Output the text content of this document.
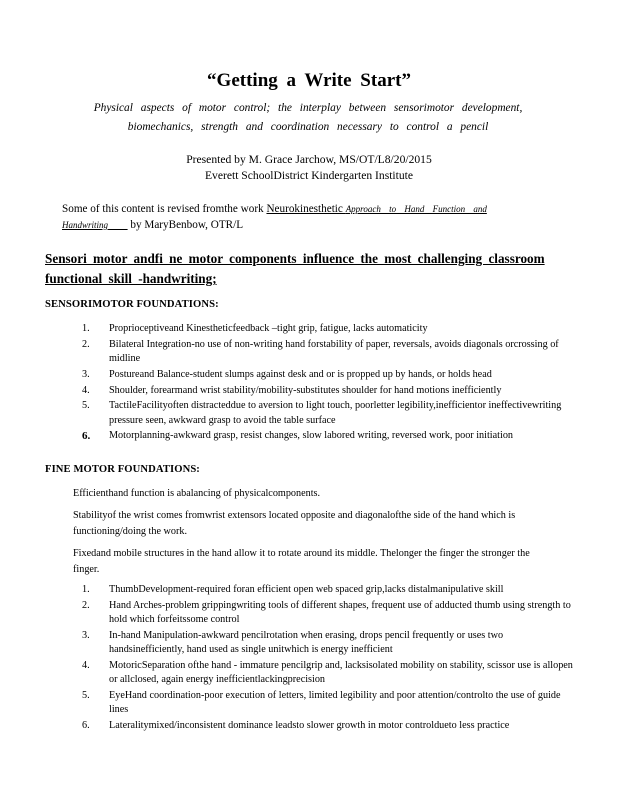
“Getting a Write Start”
Physical aspects of motor control; the interplay between sensorimotor development, biomechanics, strength and coordination necessary to control a pencil
Presented by M. Grace Jarchow, MS/OT/L8/20/2015
Everett SchoolDistrict Kindergarten Institute
Some of this content is revised fromthe work Neurokinesthetic Approach to Hand Function and
Handwriting by MaryBenbow, OTR/L
Sensori motor andfi ne motor components influence the most challenging classroom functional skill -handwriting;
SENSORIMOTOR FOUNDATIONS:
1. Proprioceptiveand Kinestheticfeedback –tight grip, fatigue, lacks automaticity
2. Bilateral Integration-no use of non-writing hand forstability of paper, reversals, avoids diagonals orcrossing of midline
3. Postureand Balance-student slumps against desk and or is propped up by hands, or holds head
4. Shoulder, forearmand wrist stability/mobility-substitutes shoulder for hand motions inefficiently
5. TactileFacilityoften distracteddue to aversion to light touch, poorletter legibility,inefficientor ineffectivewriting pressure seen, awkward grasp to avoid the table surface
6. Motorplanning-awkward grasp, resist changes, slow labored writing, reversed work, poor initiation
FINE MOTOR FOUNDATIONS:
Efficienthand function is abalancing of physicalcomponents.
Stabilityof the wrist comes fromwrist extensors located opposite and diagonalofthe side of the hand which is functioning/doing the work.
Fixedand mobile structures in the hand allow it to rotate around its middle. Thelonger the finger the stronger the finger.
1. ThumbDevelopment-required foran efficient open web spaced grip,lacks distalmanipulative skill
2. Hand Arches-problem grippingwriting tools of different shapes, frequent use of adducted thumb using strength to hold which forfeitssome control
3. In-hand Manipulation-awkward pencilrotation when erasing, drops pencil frequently or uses two handsinefficiently, hand used as single unitwhich is energy inefficient
4. MotoricSeparation ofthe hand - immature pencilgrip and, lacksisolated mobility on stability, scissor use is allopen or allclosed, again energy inefficientlackingprecision
5. EyeHand coordination-poor execution of letters, limited legibility and poor attention/controlto the use of guide lines
6. Lateralitymixed/inconsistent dominance leadsto slower growth in motor controldueto less practice
